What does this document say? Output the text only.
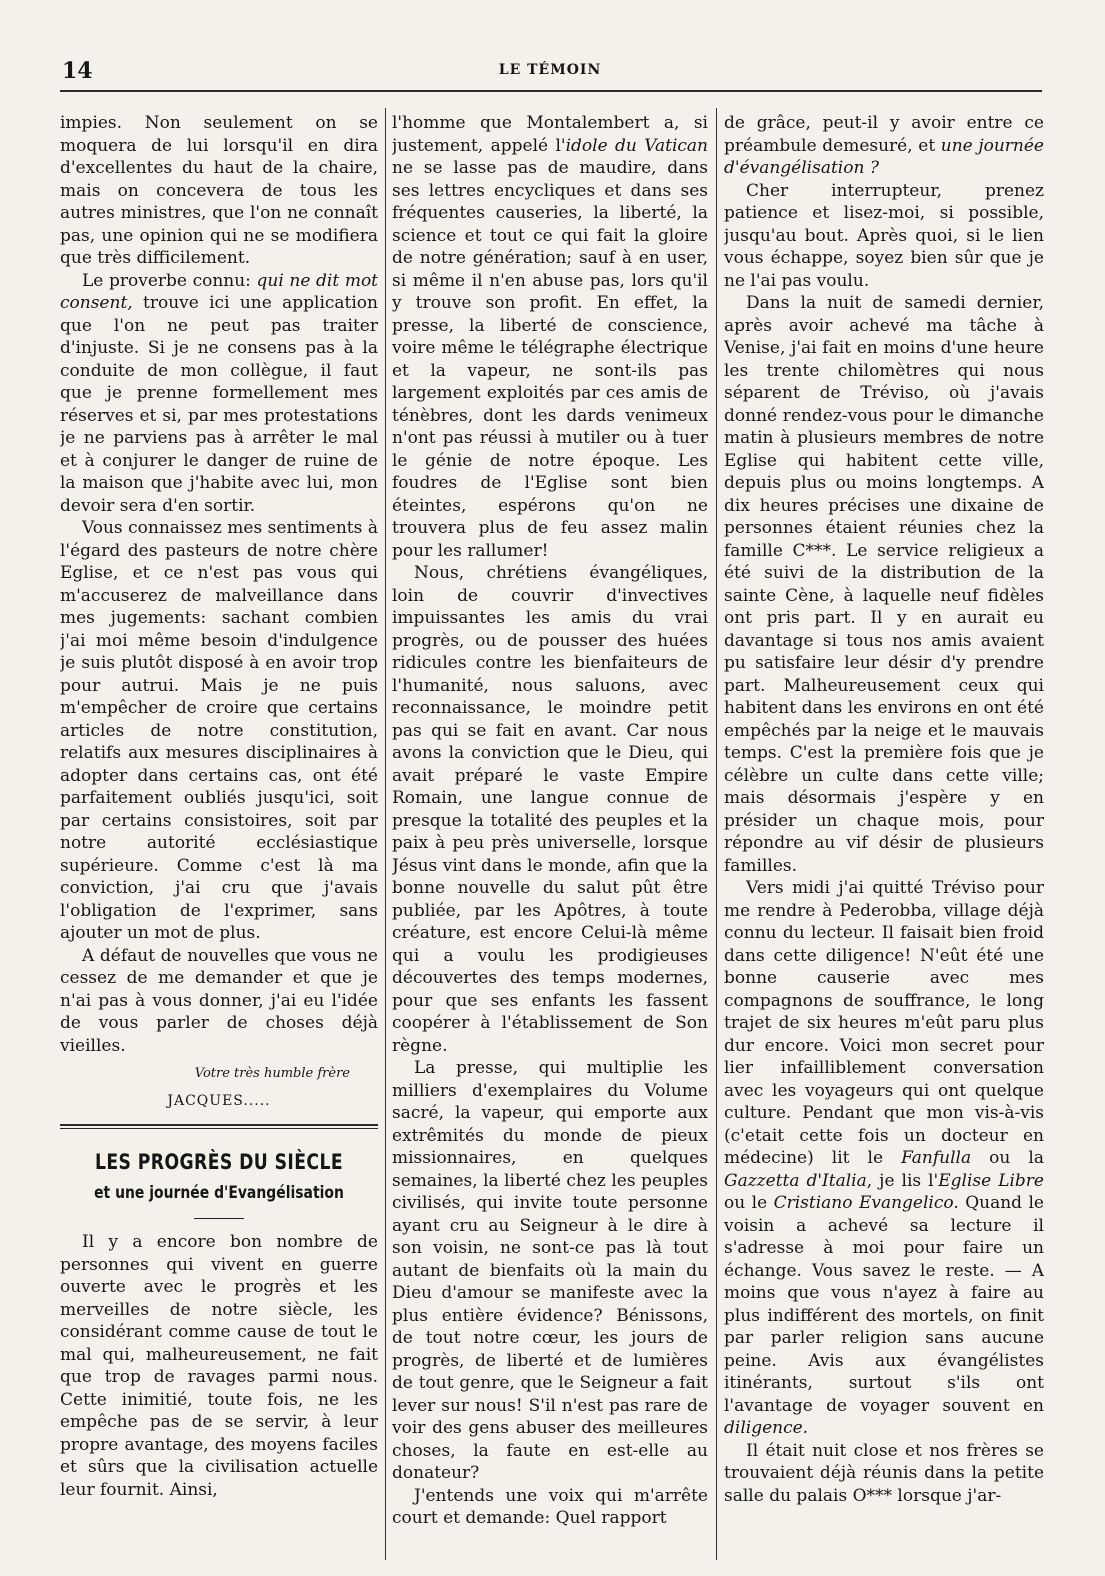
14	LE TÉMOIN

impies. Non seulement on se moquera de lui lorsqu'il en dira d'excellentes du haut de la chaire, mais on concevera de tous les autres ministres, que l'on ne connaît pas, une opinion qui ne se modifiera que très difficilement.

Le proverbe connu: qui ne dit mot consent, trouve ici une application que l'on ne peut pas traiter d'injuste. Si je ne consens pas à la conduite de mon collègue, il faut que je prenne formellement mes réserves et si, par mes protestations je ne parviens pas à arrêter le mal et à conjurer le danger de ruine de la maison que j'habite avec lui, mon devoir sera d'en sortir.

Vous connaissez mes sentiments à l'égard des pasteurs de notre chère Eglise, et ce n'est pas vous qui m'accuserez de malveillance dans mes jugements: sachant combien j'ai moi même besoin d'indulgence je suis plutôt disposé à en avoir trop pour autrui. Mais je ne puis m'empêcher de croire que certains articles de notre constitution, relatifs aux mesures disciplinaires à adopter dans certains cas, ont été parfaitement oubliés jusqu'ici, soit par certains consistoires, soit par notre autorité ecclésiastique supérieure. Comme c'est là ma conviction, j'ai cru que j'avais l'obligation de l'exprimer, sans ajouter un mot de plus.

A défaut de nouvelles que vous ne cessez de me demander et que je n'ai pas à vous donner, j'ai eu l'idée de vous parler de choses déjà vieilles.

Votre très humble frère
JACQUES.....
LES PROGRÈS DU SIÈCLE
et une journée d'Evangélisation

Il y a encore bon nombre de personnes qui vivent en guerre ouverte avec le progrès et les merveilles de notre siècle, les considérant comme cause de tout le mal qui, malheureusement, ne fait que trop de ravages parmi nous. Cette inimitié, toute fois, ne les empêche pas de se servir, à leur propre avantage, des moyens faciles et sûrs que la civilisation actuelle leur fournit. Ainsi,

l'homme que Montalembert a, si justement, appelé l'idole du Vatican ne se lasse pas de maudire, dans ses lettres encycliques et dans ses fréquentes causeries, la liberté, la science et tout ce qui fait la gloire de notre génération; sauf à en user, si même il n'en abuse pas, lors qu'il y trouve son profit. En effet, la presse, la liberté de conscience, voire même le télégraphe électrique et la vapeur, ne sont-ils pas largement exploités par ces amis de ténèbres, dont les dards venimeux n'ont pas réussi à mutiler ou à tuer le génie de notre époque. Les foudres de l'Eglise sont bien éteintes, espérons qu'on ne trouvera plus de feu assez malin pour les rallumer!

Nous, chrétiens évangéliques, loin de couvrir d'invectives impuissantes les amis du vrai progrès, ou de pousser des huées ridicules contre les bienfaiteurs de l'humanité, nous saluons, avec reconnaissance, le moindre petit pas qui se fait en avant. Car nous avons la conviction que le Dieu, qui avait préparé le vaste Empire Romain, une langue connue de presque la totalité des peuples et la paix à peu près universelle, lorsque Jésus vint dans le monde, afin que la bonne nouvelle du salut pût être publiée, par les Apôtres, à toute créature, est encore Celui-là même qui a voulu les prodigieuses découvertes des temps modernes, pour que ses enfants les fassent coopérer à l'établissement de Son règne.

La presse, qui multiplie les milliers d'exemplaires du Volume sacré, la vapeur, qui emporte aux extrêmités du monde de pieux missionnaires, en quelques semaines, la liberté chez les peuples civilisés, qui invite toute personne ayant cru au Seigneur à le dire à son voisin, ne sont-ce pas là tout autant de bienfaits où la main du Dieu d'amour se manifeste avec la plus entière évidence? Bénissons, de tout notre cœur, les jours de progrès, de liberté et de lumières de tout genre, que le Seigneur a fait lever sur nous! S'il n'est pas rare de voir des gens abuser des meilleures choses, la faute en est-elle au donateur?

J'entends une voix qui m'arrête court et demande: Quel rapport

de grâce, peut-il y avoir entre ce préambule demesuré, et une journée d'évangélisation ?

Cher interrupteur, prenez patience et lisez-moi, si possible, jusqu'au bout. Après quoi, si le lien vous échappe, soyez bien sûr que je ne l'ai pas voulu.

Dans la nuit de samedi dernier, après avoir achevé ma tâche à Venise, j'ai fait en moins d'une heure les trente chilomètres qui nous séparent de Tréviso, où j'avais donné rendez-vous pour le dimanche matin à plusieurs membres de notre Eglise qui habitent cette ville, depuis plus ou moins longtemps. A dix heures précises une dixaine de personnes étaient réunies chez la famille C***. Le service religieux a été suivi de la distribution de la sainte Cène, à laquelle neuf fidèles ont pris part. Il y en aurait eu davantage si tous nos amis avaient pu satisfaire leur désir d'y prendre part. Malheureusement ceux qui habitent dans les environs en ont été empêchés par la neige et le mauvais temps. C'est la première fois que je célèbre un culte dans cette ville; mais désormais j'espère y en présider un chaque mois, pour répondre au vif désir de plusieurs familles.

Vers midi j'ai quitté Tréviso pour me rendre à Pederobba, village déjà connu du lecteur. Il faisait bien froid dans cette diligence! N'eût été une bonne causerie avec mes compagnons de souffrance, le long trajet de six heures m'eût paru plus dur encore. Voici mon secret pour lier infailliblement conversation avec les voyageurs qui ont quelque culture. Pendant que mon vis-à-vis (c'etait cette fois un docteur en médecine) lit le Fanfulla ou la Gazzetta d'Italia, je lis l'Eglise Libre ou le Cristiano Evangelico. Quand le voisin a achevé sa lecture il s'adresse à moi pour faire un échange. Vous savez le reste. — A moins que vous n'ayez à faire au plus indifférent des mortels, on finit par parler religion sans aucune peine. Avis aux évangélistes itinérants, surtout s'ils ont l'avantage de voyager souvent en diligence.

Il était nuit close et nos frères se trouvaient déjà réunis dans la petite salle du palais O*** lorsque j'ar-
